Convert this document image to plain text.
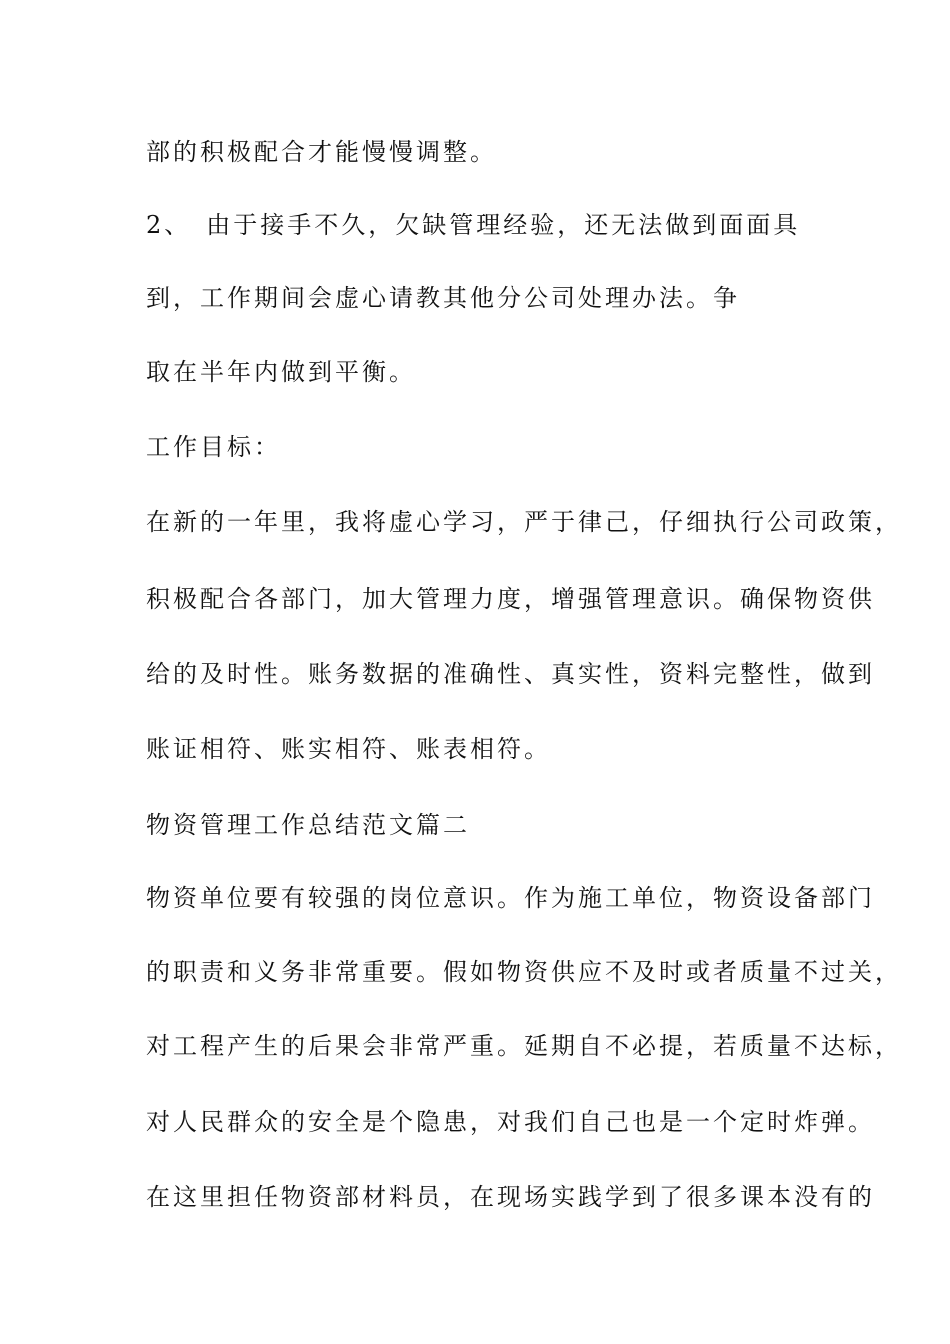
部的积极配合才能慢慢调整。

2、　由于接手不久，欠缺管理经验，还无法做到面面具

到，工作期间会虚心请教其他分公司处理办法。争

取在半年内做到平衡。

工作目标：

在新的一年里，我将虚心学习，严于律己，仔细执行公司政策，

积极配合各部门，加大管理力度，增强管理意识。确保物资供

给的及时性。账务数据的准确性、真实性，资料完整性，做到

账证相符、账实相符、账表相符。

物资管理工作总结范文篇二

物资单位要有较强的岗位意识。作为施工单位，物资设备部门

的职责和义务非常重要。假如物资供应不及时或者质量不过关，

对工程产生的后果会非常严重。延期自不必提，若质量不达标，

对人民群众的安全是个隐患，对我们自己也是一个定时炸弹。

在这里担任物资部材料员，在现场实践学到了很多课本没有的
